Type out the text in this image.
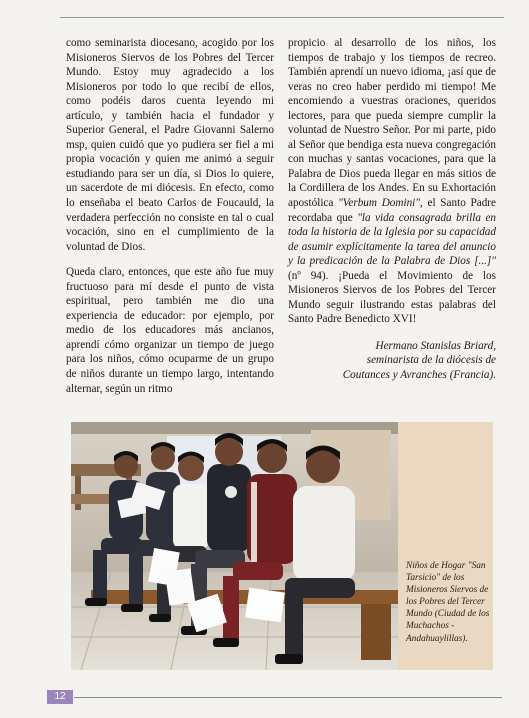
como seminarista diocesano, acogido por los Misioneros Siervos de los Pobres del Tercer Mundo. Estoy muy agradecido a los Misioneros por todo lo que recibí de ellos, como podéis daros cuenta leyendo mi artículo, y también hacia el fundador y Superior General, el Padre Giovanni Salerno msp, quien cuidó que yo pudiera ser fiel a mi propia vocación y quien me animó a seguir estudiando para ser un día, si Dios lo quiere, un sacerdote de mi diócesis. En efecto, como lo enseñaba el beato Carlos de Foucauld, la verdadera perfección no consiste en tal o cual vocación, sino en el cumplimiento de la voluntad de Dios.

Queda claro, entonces, que este año fue muy fructuoso para mí desde el punto de vista espiritual, pero también me dio una experiencia de educador: por ejemplo, por medio de los educadores más ancianos, aprendí cómo organizar un tiempo de juego para los niños, cómo ocuparme de un grupo de niños durante un tiempo largo, intentando alternar, según un ritmo

propicio al desarrollo de los niños, los tiempos de trabajo y los tiempos de recreo. También aprendí un nuevo idioma, ¡así que de veras no creo haber perdido mi tiempo! Me encomiendo a vuestras oraciones, queridos lectores, para que pueda siempre cumplir la voluntad de Nuestro Señor. Por mi parte, pido al Señor que bendiga esta nueva congregación con muchas y santas vocaciones, para que la Palabra de Dios pueda llegar en más sitios de la Cordillera de los Andes. En su Exhortación apostólica "Verbum Domini", el Santo Padre recordaba que "la vida consagrada brilla en toda la historia de la Iglesia por su capacidad de asumir explícitamente la tarea del anuncio y la predicación de la Palabra de Dios [...]" (nº 94). ¡Pueda el Movimiento de los Misioneros Siervos de los Pobres del Tercer Mundo seguir ilustrando estas palabras del Santo Padre Benedicto XVI!

Hermano Stanislas Briard,
seminarista de la diócesis de
Coutances y Avranches (Francia).
Niños de Hogar "San Tarsicio" de los Misioneros Siervos de los Pobres del Tercer Mundo (Ciudad de los Muchachos - Andahuaylillas).
12
